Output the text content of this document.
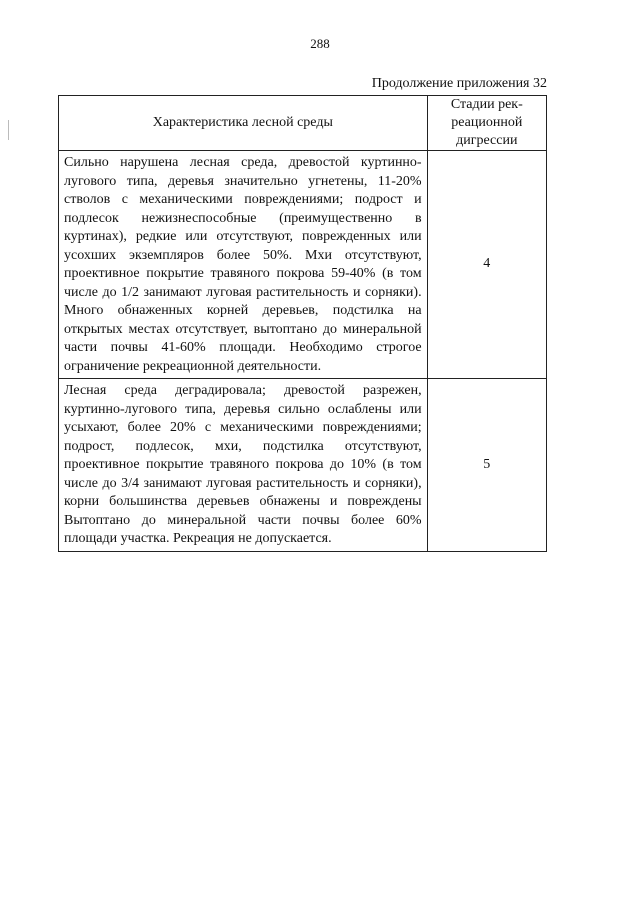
288
Продолжение приложения 32
Характеристика лесной среды	Стадии рек-
реационной
дигрессии

Сильно нарушена лесная среда, древостой куртинно-лугового типа, деревья значительно угнетены, 11-20% стволов с механическими повреждениями; подрост и подлесок нежизнеспособные (преимущественно в куртинах), редкие или отсутствуют, поврежденных или усохших экземпляров более 50%. Мхи отсутствуют, проективное покрытие травяного покрова 59-40% (в том числе до 1/2 занимают луговая растительность и сорняки). Много обнаженных корней деревьев, подстилка на открытых местах отсутствует, вытоптано до минеральной части почвы 41-60% площади. Необходимо строгое ограничение рекреационной деятельности.	4
Лесная среда деградировала; древостой разрежен, куртинно-лугового типа, деревья сильно ослаблены или усыхают, более 20% с механическими повреждениями; подрост, подлесок, мхи, подстилка отсутствуют, проективное покрытие травяного покрова до 10% (в том числе до 3/4 занимают луговая растительность и сорняки), корни большинства деревьев обнажены и повреждены Вытоптано до минеральной части почвы более 60% площади участка. Рекреация не допускается.	5
